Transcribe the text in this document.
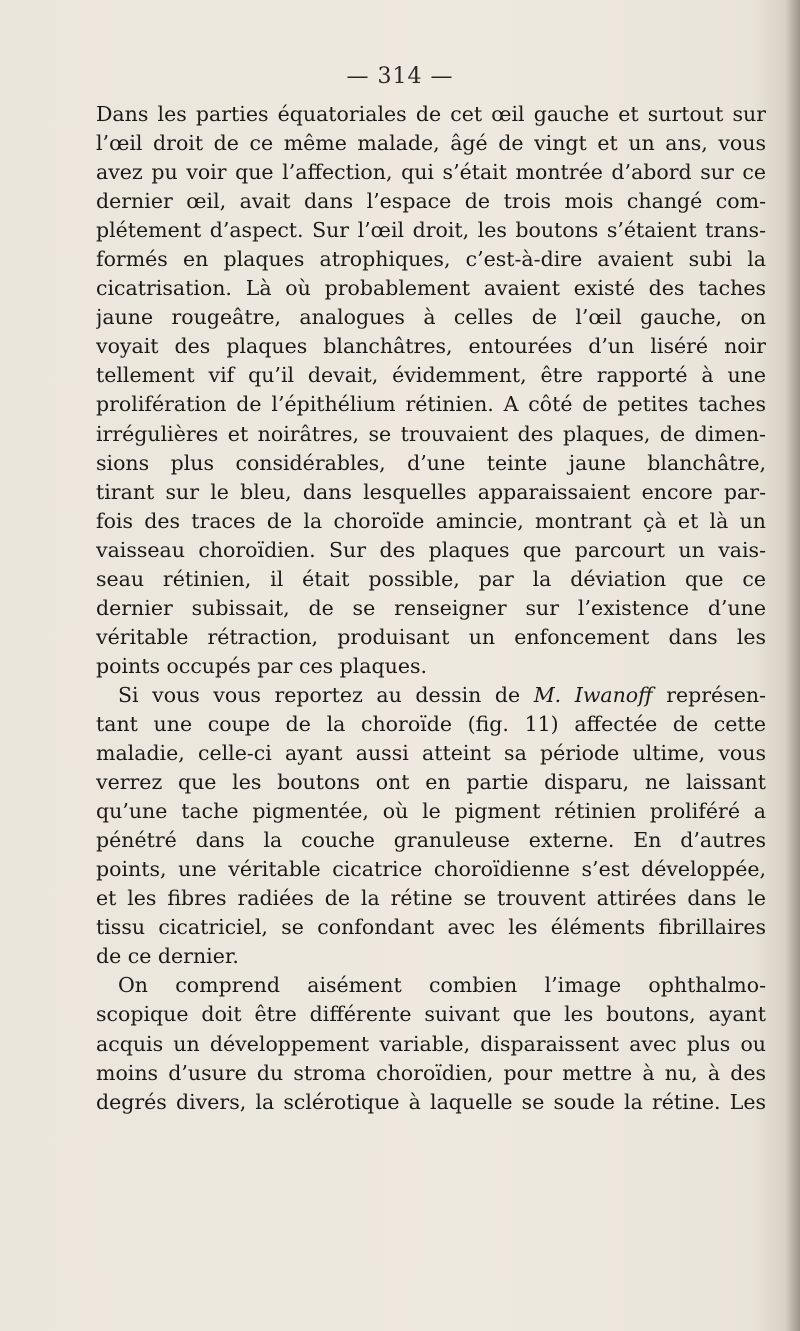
— 314 —
Dans les parties équatoriales de cet œil gauche et surtout sur
l’œil droit de ce même malade, âgé de vingt et un ans, vous
avez pu voir que l’affection, qui s’était montrée d’abord sur ce
dernier œil, avait dans l’espace de trois mois changé com-
plétement d’aspect. Sur l’œil droit, les boutons s’étaient trans-
formés en plaques atrophiques, c’est-à-dire avaient subi la
cicatrisation. Là où probablement avaient existé des taches
jaune rougeâtre, analogues à celles de l’œil gauche, on
voyait des plaques blanchâtres, entourées d’un liséré noir
tellement vif qu’il devait, évidemment, être rapporté à une
prolifération de l’épithélium rétinien. A côté de petites taches
irrégulières et noirâtres, se trouvaient des plaques, de dimen-
sions plus considérables, d’une teinte jaune blanchâtre,
tirant sur le bleu, dans lesquelles apparaissaient encore par-
fois des traces de la choroïde amincie, montrant çà et là un
vaisseau choroïdien. Sur des plaques que parcourt un vais-
seau rétinien, il était possible, par la déviation que ce
dernier subissait, de se renseigner sur l’existence d’une
véritable rétraction, produisant un enfoncement dans les
points occupés par ces plaques.
Si vous vous reportez au dessin de M. Iwanoff représen-
tant une coupe de la choroïde (fig. 11) affectée de cette
maladie, celle-ci ayant aussi atteint sa période ultime, vous
verrez que les boutons ont en partie disparu, ne laissant
qu’une tache pigmentée, où le pigment rétinien proliféré a
pénétré dans la couche granuleuse externe. En d’autres
points, une véritable cicatrice choroïdienne s’est développée,
et les fibres radiées de la rétine se trouvent attirées dans le
tissu cicatriciel, se confondant avec les éléments fibrillaires
de ce dernier.
On comprend aisément combien l’image ophthalmo-
scopique doit être différente suivant que les boutons, ayant
acquis un développement variable, disparaissent avec plus ou
moins d’usure du stroma choroïdien, pour mettre à nu, à des
degrés divers, la sclérotique à laquelle se soude la rétine. Les
